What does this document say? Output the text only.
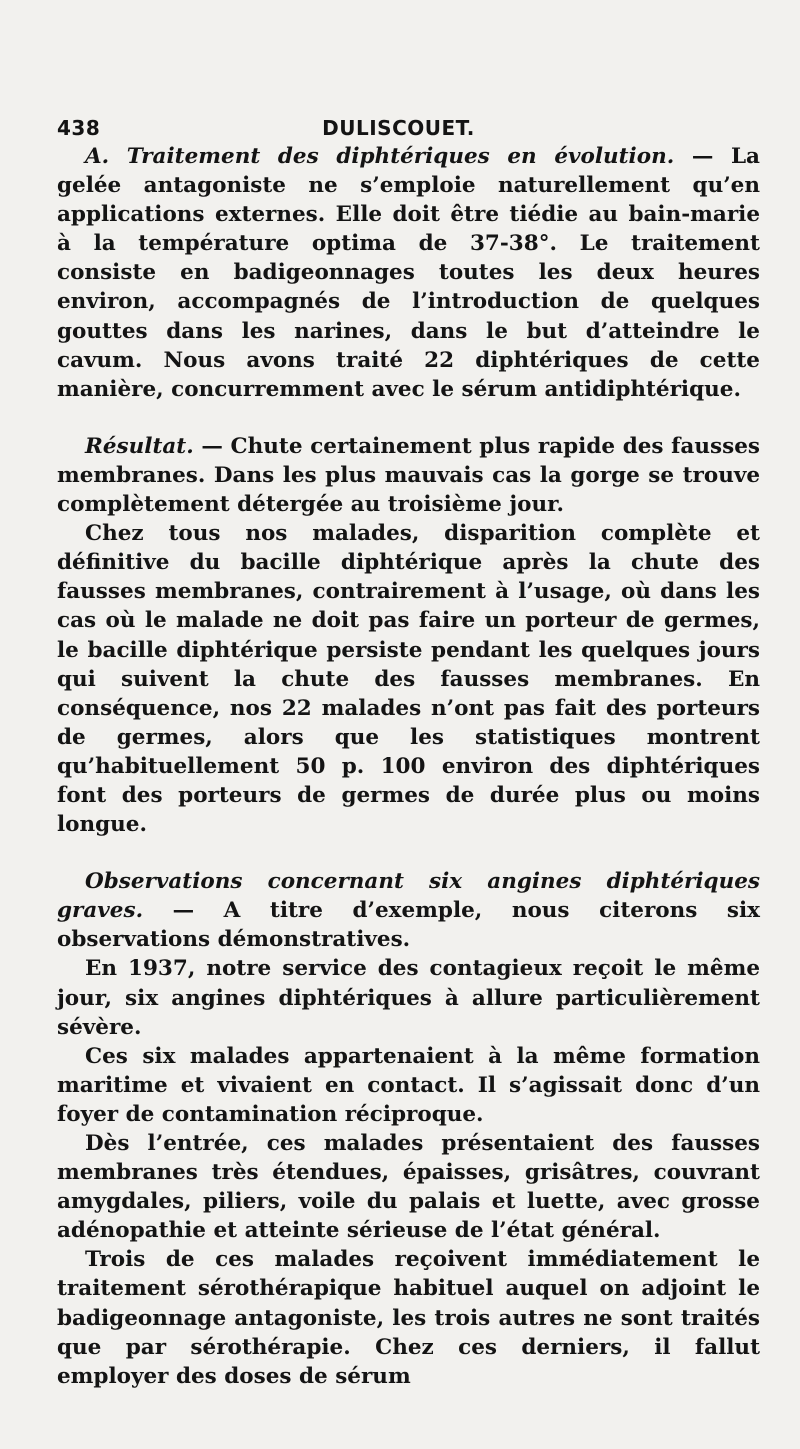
438	DULISCOUET.

A. Traitement des diphtériques en évolution. — La gelée antagoniste ne s’emploie naturellement qu’en applications externes. Elle doit être tiédie au bain-marie à la température optima de 37-38°. Le traitement consiste en badigeonnages toutes les deux heures environ, accompagnés de l’introduction de quelques gouttes dans les narines, dans le but d’atteindre le cavum. Nous avons traité 22 diphtériques de cette manière, concurremment avec le sérum antidiphtérique.

Résultat. — Chute certainement plus rapide des fausses membranes. Dans les plus mauvais cas la gorge se trouve complètement détergée au troisième jour.

Chez tous nos malades, disparition complète et définitive du bacille diphtérique après la chute des fausses membranes, contrairement à l’usage, où dans les cas où le malade ne doit pas faire un porteur de germes, le bacille diphtérique persiste pendant les quelques jours qui suivent la chute des fausses membranes. En conséquence, nos 22 malades n’ont pas fait des porteurs de germes, alors que les statistiques montrent qu’habituellement 50 p. 100 environ des diphtériques font des porteurs de germes de durée plus ou moins longue.

Observations concernant six angines diphtériques graves. — A titre d’exemple, nous citerons six observations démonstratives.

En 1937, notre service des contagieux reçoit le même jour, six angines diphtériques à allure particulièrement sévère.

Ces six malades appartenaient à la même formation maritime et vivaient en contact. Il s’agissait donc d’un foyer de contamination réciproque.

Dès l’entrée, ces malades présentaient des fausses membranes très étendues, épaisses, grisâtres, couvrant amygdales, piliers, voile du palais et luette, avec grosse adénopathie et atteinte sérieuse de l’état général.

Trois de ces malades reçoivent immédiatement le traitement sérothérapique habituel auquel on adjoint le badigeonnage antagoniste, les trois autres ne sont traités que par sérothérapie. Chez ces derniers, il fallut employer des doses de sérum
